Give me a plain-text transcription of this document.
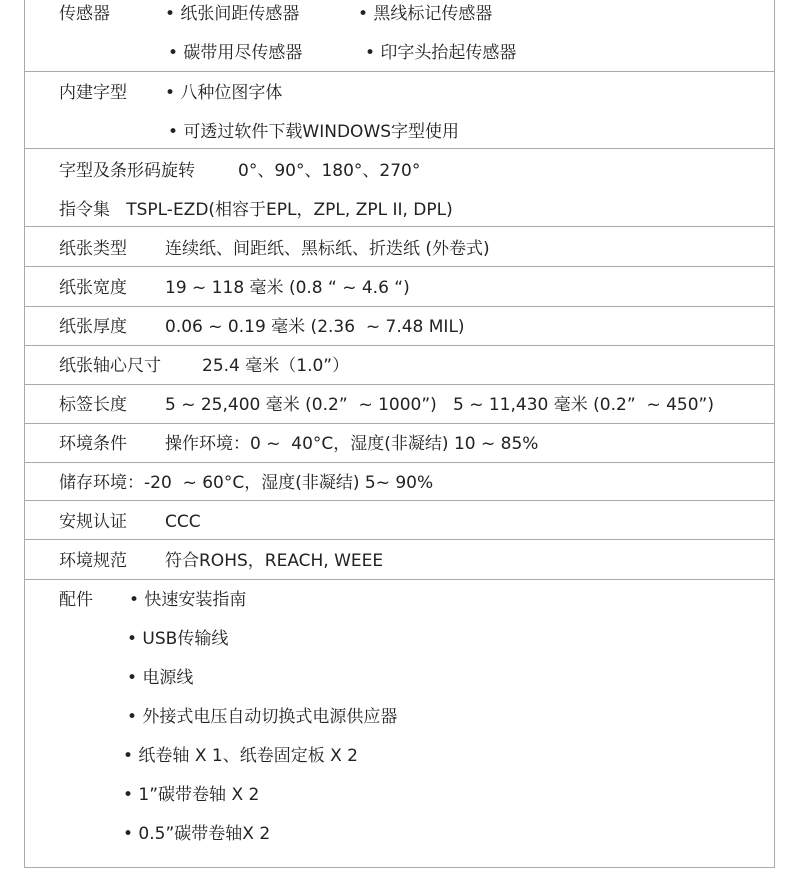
传感器	• 纸张间距传感器	• 黑线标记传感器
• 碳带用尽传感器	• 印字头抬起传感器
内建字型 • 八种位图字体
• 可透过软件下载WINDOWS字型使用
字型及条形码旋转	0°、90°、180°、270°
指令集   TSPL-EZD(相容于EPL，ZPL, ZPL II, DPL)
纸张类型 连续纸、间距纸、黑标纸、折迭纸 (外卷式)
纸张宽度 19 ~ 118 毫米 (0.8 “ ~ 4.6 “)
纸张厚度 0.06 ~ 0.19 毫米 (2.36  ~ 7.48 MIL)
纸张轴心尺寸 25.4 毫米（1.0”）
标签长度 5 ~ 25,400 毫米 (0.2”  ~ 1000”)   5 ~ 11,430 毫米 (0.2”  ~ 450”)
环境条件 操作环境：0 ~  40°C，湿度(非凝结) 10 ~ 85%
储存环境：-20  ~ 60°C，湿度(非凝结) 5~ 90%
安规认证 CCC
环境规范 符合ROHS，REACH, WEEE
配件 • 快速安装指南
• USB传输线
• 电源线
• 外接式电压自动切换式电源供应器
• 纸卷轴 X 1、纸卷固定板 X 2
• 1”碳带卷轴 X 2
• 0.5”碳带卷轴X 2
